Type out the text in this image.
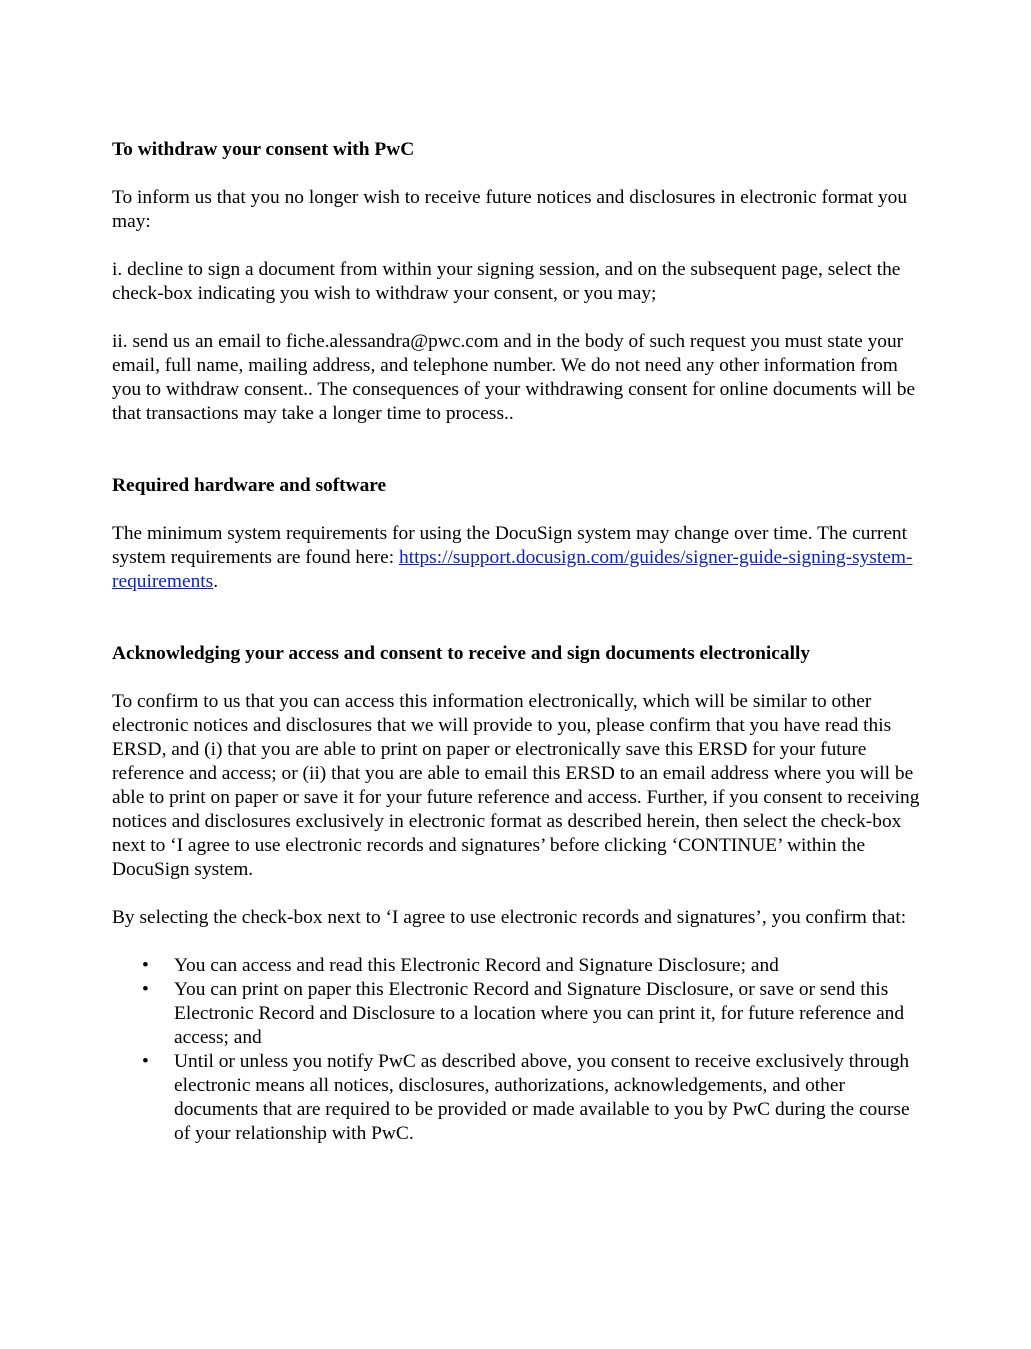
To withdraw your consent with PwC

To inform us that you no longer wish to receive future notices and disclosures in electronic format you may:

i. decline to sign a document from within your signing session, and on the subsequent page, select the check-box indicating you wish to withdraw your consent, or you may;

ii. send us an email to fiche.alessandra@pwc.com and in the body of such request you must state your email, full name, mailing address, and telephone number. We do not need any other information from you to withdraw consent.. The consequences of your withdrawing consent for online documents will be that transactions may take a longer time to process..

Required hardware and software

The minimum system requirements for using the DocuSign system may change over time. The current system requirements are found here: https://support.docusign.com/guides/signer-guide-signing-system-requirements.

Acknowledging your access and consent to receive and sign documents electronically

To confirm to us that you can access this information electronically, which will be similar to other electronic notices and disclosures that we will provide to you, please confirm that you have read this ERSD, and (i) that you are able to print on paper or electronically save this ERSD for your future reference and access; or (ii) that you are able to email this ERSD to an email address where you will be able to print on paper or save it for your future reference and access. Further, if you consent to receiving notices and disclosures exclusively in electronic format as described herein, then select the check-box next to ‘I agree to use electronic records and signatures’ before clicking ‘CONTINUE’ within the DocuSign system.

By selecting the check-box next to ‘I agree to use electronic records and signatures’, you confirm that:

• You can access and read this Electronic Record and Signature Disclosure; and
• You can print on paper this Electronic Record and Signature Disclosure, or save or send this Electronic Record and Disclosure to a location where you can print it, for future reference and access; and
• Until or unless you notify PwC as described above, you consent to receive exclusively through electronic means all notices, disclosures, authorizations, acknowledgements, and other documents that are required to be provided or made available to you by PwC during the course of your relationship with PwC.
